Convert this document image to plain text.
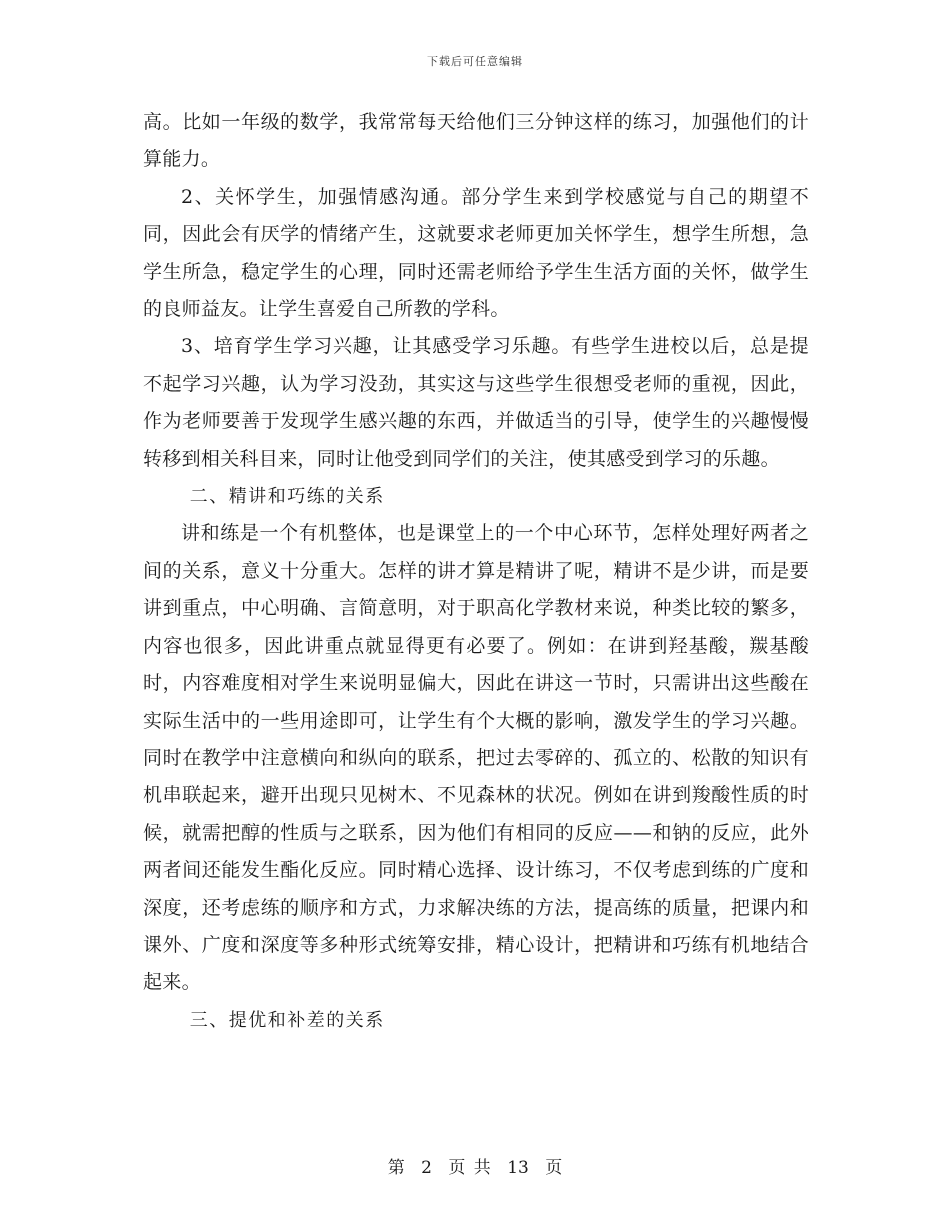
下载后可任意编辑

高。比如一年级的数学，我常常每天给他们三分钟这样的练习，加强他们的计算能力。

2、关怀学生，加强情感沟通。部分学生来到学校感觉与自己的期望不同，因此会有厌学的情绪产生，这就要求老师更加关怀学生，想学生所想，急学生所急，稳定学生的心理，同时还需老师给予学生生活方面的关怀，做学生的良师益友。让学生喜爱自己所教的学科。

3、培育学生学习兴趣，让其感受学习乐趣。有些学生进校以后，总是提不起学习兴趣，认为学习没劲，其实这与这些学生很想受老师的重视，因此，作为老师要善于发现学生感兴趣的东西，并做适当的引导，使学生的兴趣慢慢转移到相关科目来，同时让他受到同学们的关注，使其感受到学习的乐趣。

二、精讲和巧练的关系

讲和练是一个有机整体，也是课堂上的一个中心环节，怎样处理好两者之间的关系，意义十分重大。怎样的讲才算是精讲了呢，精讲不是少讲，而是要讲到重点，中心明确、言简意明，对于职高化学教材来说，种类比较的繁多，内容也很多，因此讲重点就显得更有必要了。例如：在讲到羟基酸，羰基酸时，内容难度相对学生来说明显偏大，因此在讲这一节时，只需讲出这些酸在实际生活中的一些用途即可，让学生有个大概的影响，激发学生的学习兴趣。同时在教学中注意横向和纵向的联系，把过去零碎的、孤立的、松散的知识有机串联起来，避开出现只见树木、不见森林的状况。例如在讲到羧酸性质的时候，就需把醇的性质与之联系，因为他们有相同的反应——和钠的反应，此外两者间还能发生酯化反应。同时精心选择、设计练习，不仅考虑到练的广度和深度，还考虑练的顺序和方式，力求解决练的方法，提高练的质量，把课内和课外、广度和深度等多种形式统筹安排，精心设计，把精讲和巧练有机地结合起来。

三、提优和补差的关系

第 2 页 共 13 页
